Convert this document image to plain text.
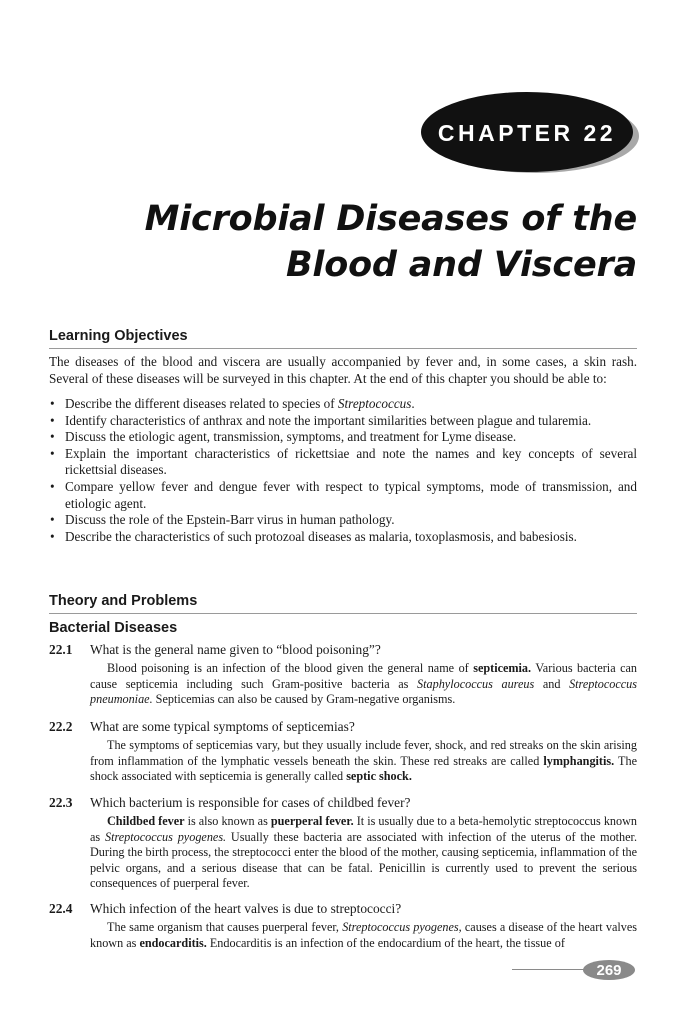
CHAPTER 22
Microbial Diseases of the
Blood and Viscera
Learning Objectives

The diseases of the blood and viscera are usually accompanied by fever and, in some cases, a skin rash. Several of these diseases will be surveyed in this chapter. At the end of this chapter you should be able to:

• Describe the different diseases related to species of Streptococcus.
• Identify characteristics of anthrax and note the important similarities between plague and tularemia.
• Discuss the etiologic agent, transmission, symptoms, and treatment for Lyme disease.
• Explain the important characteristics of rickettsiae and note the names and key concepts of several rickettsial diseases.
• Compare yellow fever and dengue fever with respect to typical symptoms, mode of transmission, and etiologic agent.
• Discuss the role of the Epstein-Barr virus in human pathology.
• Describe the characteristics of such protozoal diseases as malaria, toxoplasmosis, and babesiosis.
Theory and Problems
Bacterial Diseases
22.1 What is the general name given to “blood poisoning”?

Blood poisoning is an infection of the blood given the general name of septicemia. Various bacteria can cause septicemia including such Gram-positive bacteria as Staphylococcus aureus and Streptococcus pneumoniae. Septicemias can also be caused by Gram-negative organisms.

22.2 What are some typical symptoms of septicemias?

The symptoms of septicemias vary, but they usually include fever, shock, and red streaks on the skin arising from inflammation of the lymphatic vessels beneath the skin. These red streaks are called lymphangitis. The shock associated with septicemia is generally called septic shock.

22.3 Which bacterium is responsible for cases of childbed fever?

Childbed fever is also known as puerperal fever. It is usually due to a beta-hemolytic streptococcus known as Streptococcus pyogenes. Usually these bacteria are associated with infection of the uterus of the mother. During the birth process, the streptococci enter the blood of the mother, causing septicemia, inflammation of the pelvic organs, and a serious disease that can be fatal. Penicillin is currently used to prevent the serious consequences of puerperal fever.

22.4 Which infection of the heart valves is due to streptococci?

The same organism that causes puerperal fever, Streptococcus pyogenes, causes a disease of the heart valves known as endocarditis. Endocarditis is an infection of the endocardium of the heart, the tissue of

269
